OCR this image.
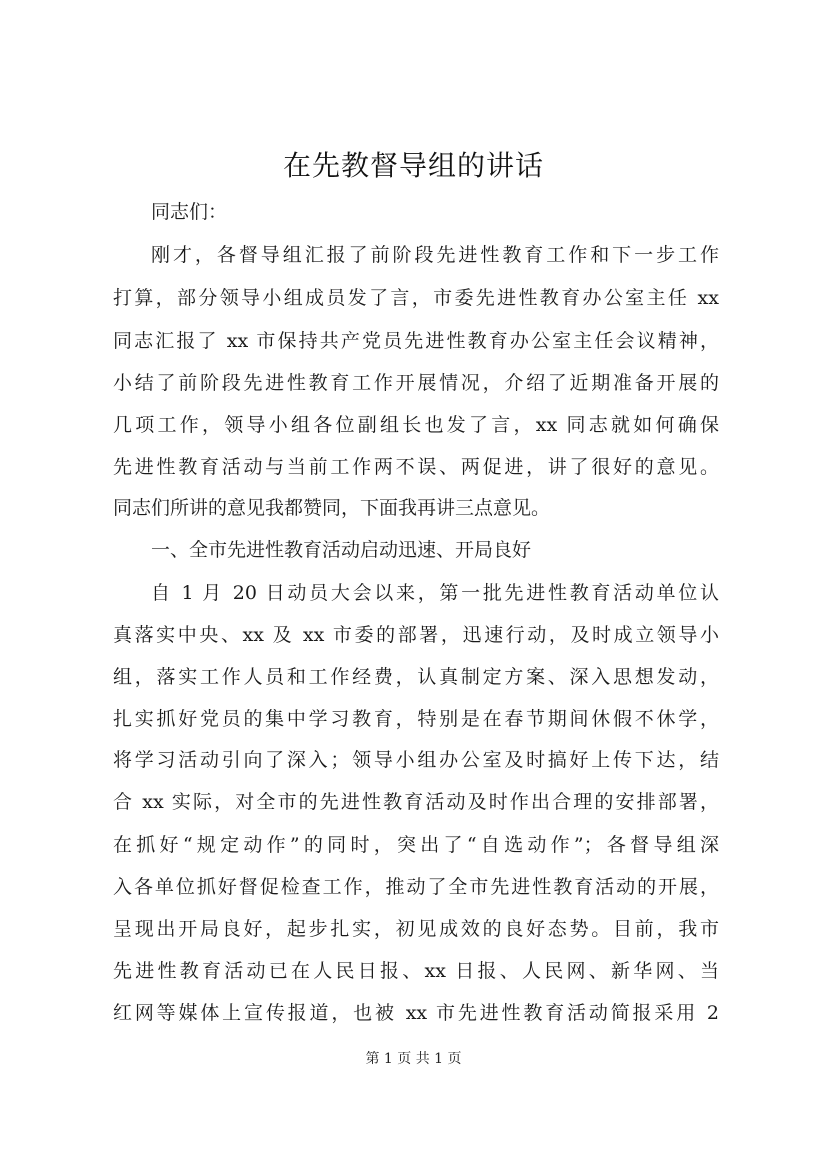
在先教督导组的讲话
同志们：
刚才，各督导组汇报了前阶段先进性教育工作和下一步工作
打算，部分领导小组成员发了言，市委先进性教育办公室主任 xx
同志汇报了 xx 市保持共产党员先进性教育办公室主任会议精神，
小结了前阶段先进性教育工作开展情况，介绍了近期准备开展的
几项工作，领导小组各位副组长也发了言，xx 同志就如何确保
先进性教育活动与当前工作两不误、两促进，讲了很好的意见。
同志们所讲的意见我都赞同，下面我再讲三点意见。
一、全市先进性教育活动启动迅速、开局良好
自 1 月 20 日动员大会以来，第一批先进性教育活动单位认
真落实中央、xx 及 xx 市委的部署，迅速行动，及时成立领导小
组，落实工作人员和工作经费，认真制定方案、深入思想发动，
扎实抓好党员的集中学习教育，特别是在春节期间休假不休学，
将学习活动引向了深入；领导小组办公室及时搞好上传下达，结
合 xx 实际，对全市的先进性教育活动及时作出合理的安排部署，
在抓好“规定动作”的同时，突出了“自选动作”；各督导组深
入各单位抓好督促检查工作，推动了全市先进性教育活动的开展，
呈现出开局良好，起步扎实，初见成效的良好态势。目前，我市
先进性教育活动已在人民日报、xx 日报、人民网、新华网、当
红网等媒体上宣传报道，也被 xx 市先进性教育活动简报采用 2
第 1 页 共 1 页
